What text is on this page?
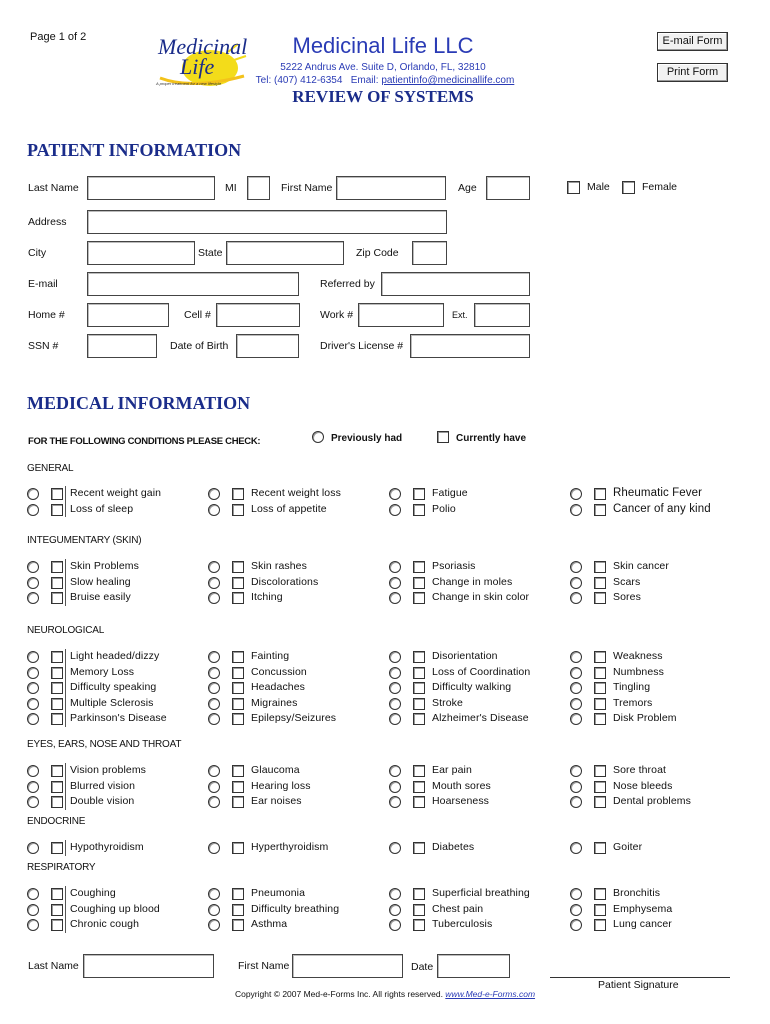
Page 1 of 2	Medicinal
Life
A proper treatment for a new lifestyle
Medicinal Life LLC
5222 Andrus Ave. Suite D, Orlando, FL, 32810
Tel: (407) 412-6354 Email: patientinfo@medicinallife.com
REVIEW OF SYSTEMS
E-mail Form
Print Form
PATIENT INFORMATION
Last Name	MI	First Name	Age	Male	Female
Address
City	State	Zip Code
E-mail	Referred by
Home #	Cell #	Work #	Ext.
SSN #	Date of Birth	Driver's License #
MEDICAL INFORMATION
FOR THE FOLLOWING CONDITIONS PLEASE CHECK:	Previously had	Currently have
GENERAL
Recent weight gain	Recent weight loss	Fatigue	Rheumatic Fever
Loss of sleep	Loss of appetite	Polio	Cancer of any kind
INTEGUMENTARY (SKIN)
Skin Problems	Skin rashes	Psoriasis	Skin cancer
Slow healing	Discolorations	Change in moles	Scars
Bruise easily	Itching	Change in skin color	Sores
NEUROLOGICAL
Light headed/dizzy	Fainting	Disorientation	Weakness
Memory Loss	Concussion	Loss of Coordination	Numbness
Difficulty speaking	Headaches	Difficulty walking	Tingling
Multiple Sclerosis	Migraines	Stroke	Tremors
Parkinson's Disease	Epilepsy/Seizures	Alzheimer's Disease	Disk Problem
EYES, EARS, NOSE AND THROAT
Vision problems	Glaucoma	Ear pain	Sore throat
Blurred vision	Hearing loss	Mouth sores	Nose bleeds
Double vision	Ear noises	Hoarseness	Dental problems
ENDOCRINE
Hypothyroidism	Hyperthyroidism	Diabetes	Goiter
RESPIRATORY
Coughing	Pneumonia	Superficial breathing	Bronchitis
Coughing up blood	Difficulty breathing	Chest pain	Emphysema
Chronic cough	Asthma	Tuberculosis	Lung cancer
Last Name	First Name	Date
Patient Signature
Copyright © 2007 Med-e-Forms Inc. All rights reserved. www.Med-e-Forms.com
